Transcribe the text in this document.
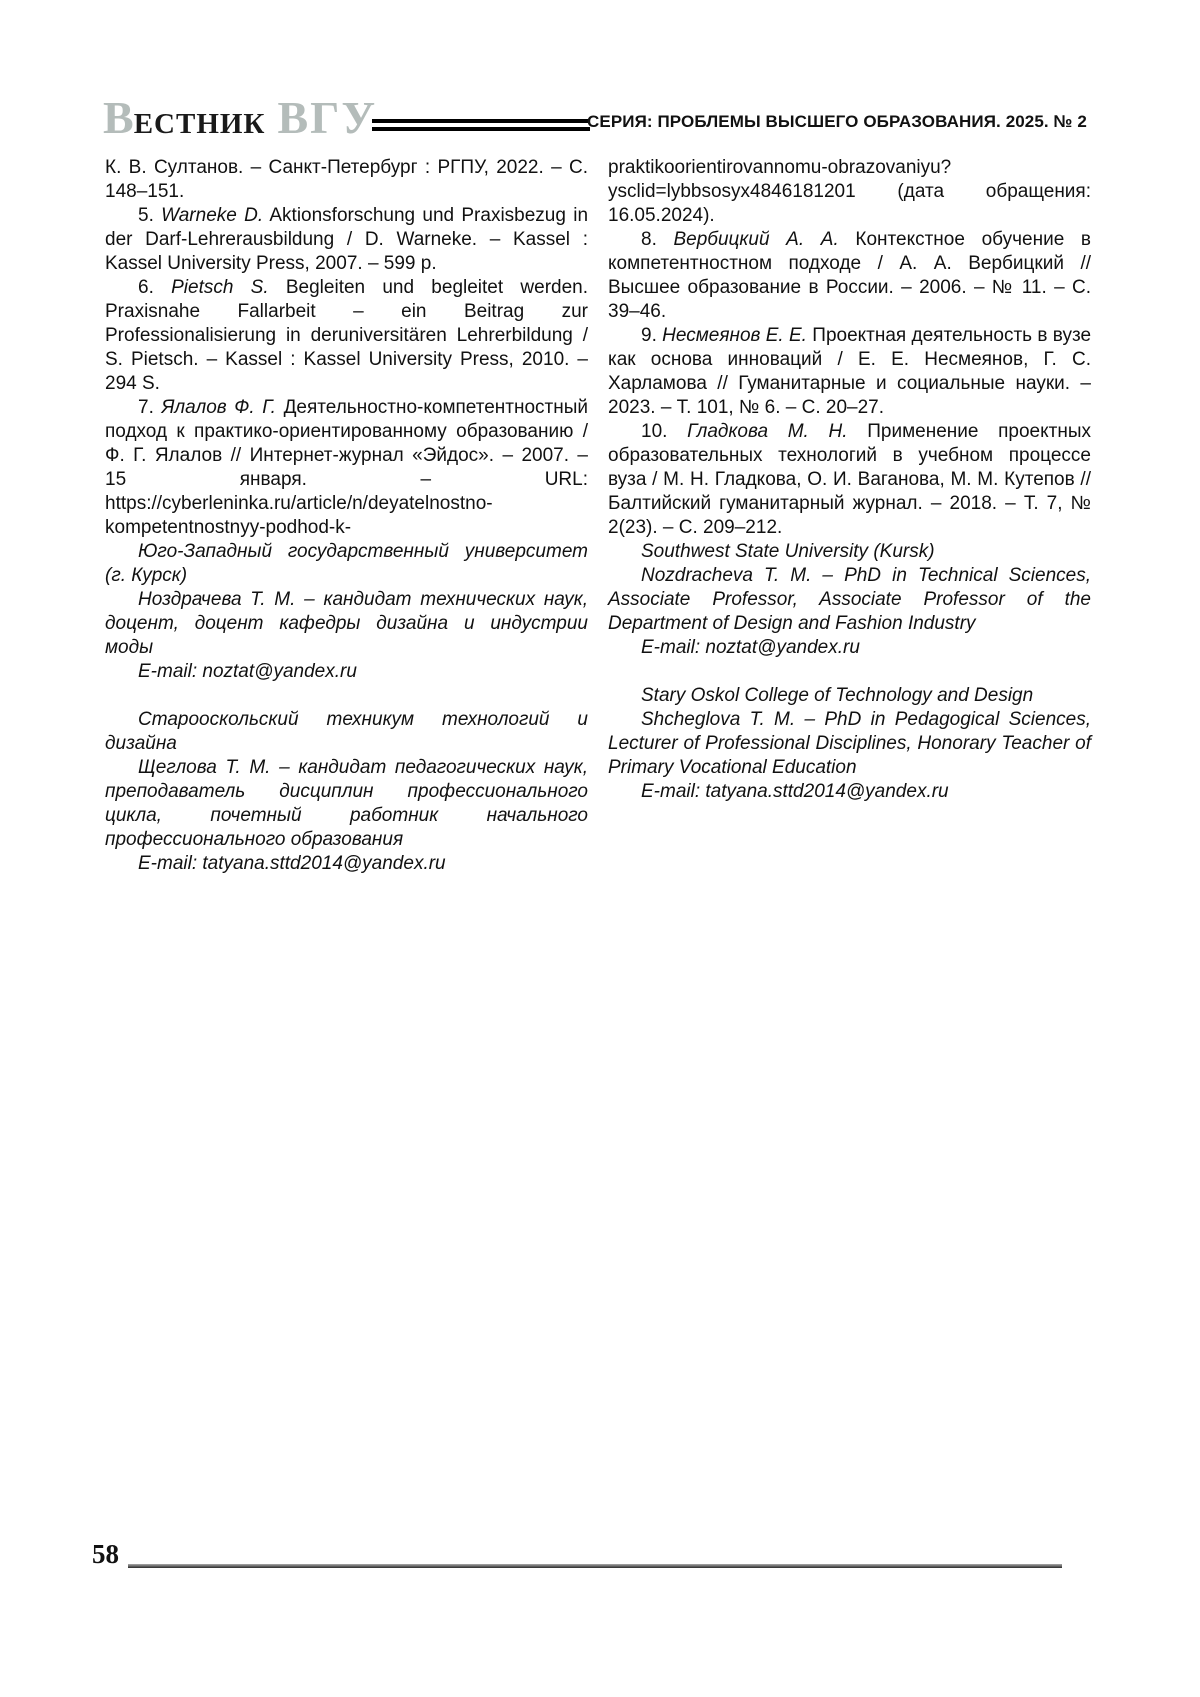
ВЕСТНИК ВГУ	СЕРИЯ: ПРОБЛЕМЫ ВЫСШЕГО ОБРАЗОВАНИЯ. 2025. № 2

К. В. Султанов. – Санкт-Петербург : РГПУ, 2022. – С. 148–151.

5. Warneke D. Aktionsforschung und Praxisbezug in der Darf-Lehrerausbildung / D. Warneke. – Kassel : Kassel University Press, 2007. – 599 p.

6. Pietsch S. Begleiten und begleitet werden. Praxisnahe Fallarbeit – ein Beitrag zur Professionalisierung in deruniversitären Lehrerbildung / S. Pietsch. – Kassel : Kassel University Press, 2010. – 294 S.

7. Ялалов Ф. Г. Деятельностно-компетентностный подход к практико-ориентированному образованию / Ф. Г. Ялалов // Интернет-журнал «Эйдос». – 2007. – 15 января. – URL: https://cyberleninka.ru/article/n/deyatelnostno-kompetentnostnyy-podhod-k-

praktikoorientirovannomu-obrazovaniyu?ysclid=lybbsosyx4846181201 (дата обращения: 16.05.2024).

8. Вербицкий А. А. Контекстное обучение в компетентностном подходе / А. А. Вербицкий // Высшее образование в России. – 2006. – № 11. – С. 39–46.

9. Несмеянов Е. Е. Проектная деятельность в вузе как основа инноваций / Е. Е. Несмеянов, Г. С. Харламова // Гуманитарные и социальные науки. – 2023. – Т. 101, № 6. – С. 20–27.

10. Гладкова М. Н. Применение проектных образовательных технологий в учебном процессе вуза / М. Н. Гладкова, О. И. Ваганова, М. М. Кутепов // Балтийский гуманитарный журнал. – 2018. – Т. 7, № 2(23). – С. 209–212.

Юго-Западный государственный университет (г. Курск)

Ноздрачева Т. М. – кандидат технических наук, доцент, доцент кафедры дизайна и индустрии моды

E-mail: noztat@yandex.ru

Старооскольский техникум технологий и дизайна

Щеглова Т. М. – кандидат педагогических наук, преподаватель дисциплин профессионального цикла, почетный работник начального профессионального образования

E-mail: tatyana.sttd2014@yandex.ru

Southwest State University (Kursk)

Nozdracheva T. M. – PhD in Technical Sciences, Associate Professor, Associate Professor of the Department of Design and Fashion Industry

E-mail: noztat@yandex.ru

Stary Oskol College of Technology and Design

Shcheglova T. M. – PhD in Pedagogical Sciences, Lecturer of Professional Disciplines, Honorary Teacher of Primary Vocational Education

E-mail: tatyana.sttd2014@yandex.ru

58
